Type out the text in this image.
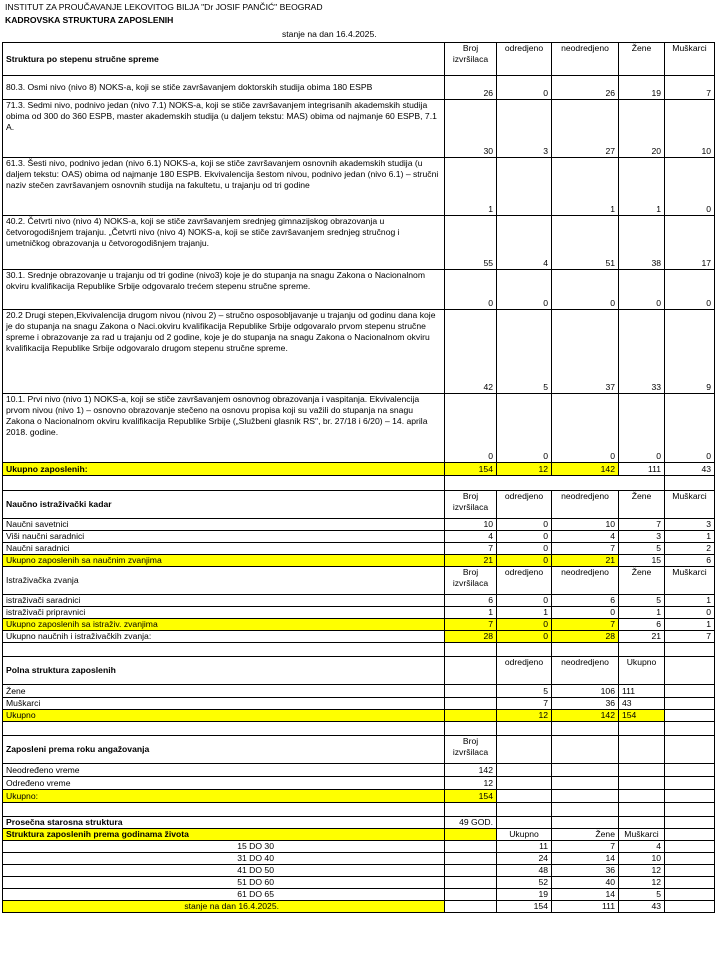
INSTITUT ZA PROUČAVANJE LEKOVITOG BILJA "Dr JOSIF PANČIĆ" BEOGRAD
KADROVSKA STRUKTURA ZAPOSLENIH
stanje na dan 16.4.2025.
Struktura po stepenu stručne spreme	Broj izvršilaca	odredjeno	neodredjeno	Žene	Muškarci
80.3. Osmi nivo (nivo 8) NOKS-a, koji se stiče završavanjem doktorskih studija obima 180 ESPB	26	0	26	19	7
71.3. Sedmi nivo, podnivo jedan (nivo 7.1) NOKS-a, koji se stiče završavanjem integrisanih akademskih studija obima od 300 do 360 ESPB, master akademskih studija (u daljem tekstu: MAS) obima od najmanje 60 ESPB, 7.1 A.	30	3	27	20	10
61.3. Šesti nivo, podnivo jedan (nivo 6.1) NOKS-a, koji se stiče završavanjem osnovnih akademskih studija (u daljem tekstu: OAS) obima od najmanje 180 ESPB. Ekvivalencija šestom nivou, podnivo jedan (nivo 6.1) – stručni naziv stečen završavanjem osnovnih studija na fakultetu, u trajanju od tri godine	1		1	1	0
40.2. Četvrti nivo (nivo 4) NOKS-a, koji se stiče završavanjem srednjeg gimnazijskog obrazovanja u četvorogodišnjem trajanju. „Četvrti nivo (nivo 4) NOKS-a, koji se stiče završavanjem srednjeg stručnog i umetničkog obrazovanja u četvorogodišnjem trajanju.	55	4	51	38	17
30.1. Srednje obrazovanje u trajanju od tri godine (nivo3) koje je do stupanja na snagu Zakona o Nacionalnom okviru kvalifikacija Republike Srbije odgovaralo trećem stepenu stručne spreme.	0	0	0	0	0
20.2 Drugi stepen,Ekvivalencija drugom nivou (nivou 2) – stručno osposobljavanje u trajanju od godinu dana koje je do stupanja na snagu Zakona o Naci.okviru kvalifikacija Republike Srbije odgovaralo prvom stepenu stručne spreme i obrazovanje za rad u trajanju od 2 godine, koje je do stupanja na snagu Zakona o Nacionalnom okviru kvalifikacija Republike Srbije odgovaralo drugom stepenu stručne spreme.	42	5	37	33	9
10.1. Prvi nivo (nivo 1) NOKS-a, koji se stiče završavanjem osnovnog obrazovanja i vaspitanja. Ekvivalencija prvom nivou (nivo 1) – osnovno obrazovanje stečeno na osnovu propisa koji su važili do stupanja na snagu Zakona o Nacionalnom okviru kvalifikacija Republike Srbije („Službeni glasnik RS", br. 27/18 i 6/20) – 14. aprila 2018. godine.	0	0	0	0	0
Ukupno zaposlenih:	154	12	142	111	43

Naučno istraživački kadar	Broj izvršilaca	odredjeno	neodredjeno	Žene	Muškarci
Naučni savetnici	10	0	10	7	3
Viši naučni saradnici	4	0	4	3	1
Naučni saradnici	7	0	7	5	2
Ukupno zaposlenih sa naučnim zvanjima	21	0	21	15	6
Istraživačka zvanja	Broj izvršilaca	odredjeno	neodredjeno	Žene	Muškarci
istraživači saradnici	6	0	6	5	1
istraživači pripravnici	1	1	0	1	0
Ukupno zaposlenih sa istraživ. zvanjima	7	0	7	6	1
Ukupno naučnih i istraživačkih zvanja:	28	0	28	21	7

Polna struktura zaposlenih		odredjeno	neodredjeno	Ukupno	
Žene		5	106	111	
Muškarci		7	36	43	
Ukupno		12	142	154	

Zaposleni prema roku angažovanja	Broj izvršilaca				
Neodređeno vreme	142				
Određeno vreme	12				
Ukupno:	154				

Prosečna starosna struktura	49 GOD.				
Struktura zaposlenih prema godinama života		Ukupno	Žene	Muškarci	
15 DO 30		11	7	4	
31 DO 40		24	14	10	
41 DO 50		48	36	12	
51 DO 60		52	40	12	
61 DO 65		19	14	5	
stanje na dan 16.4.2025.		154	111	43	
